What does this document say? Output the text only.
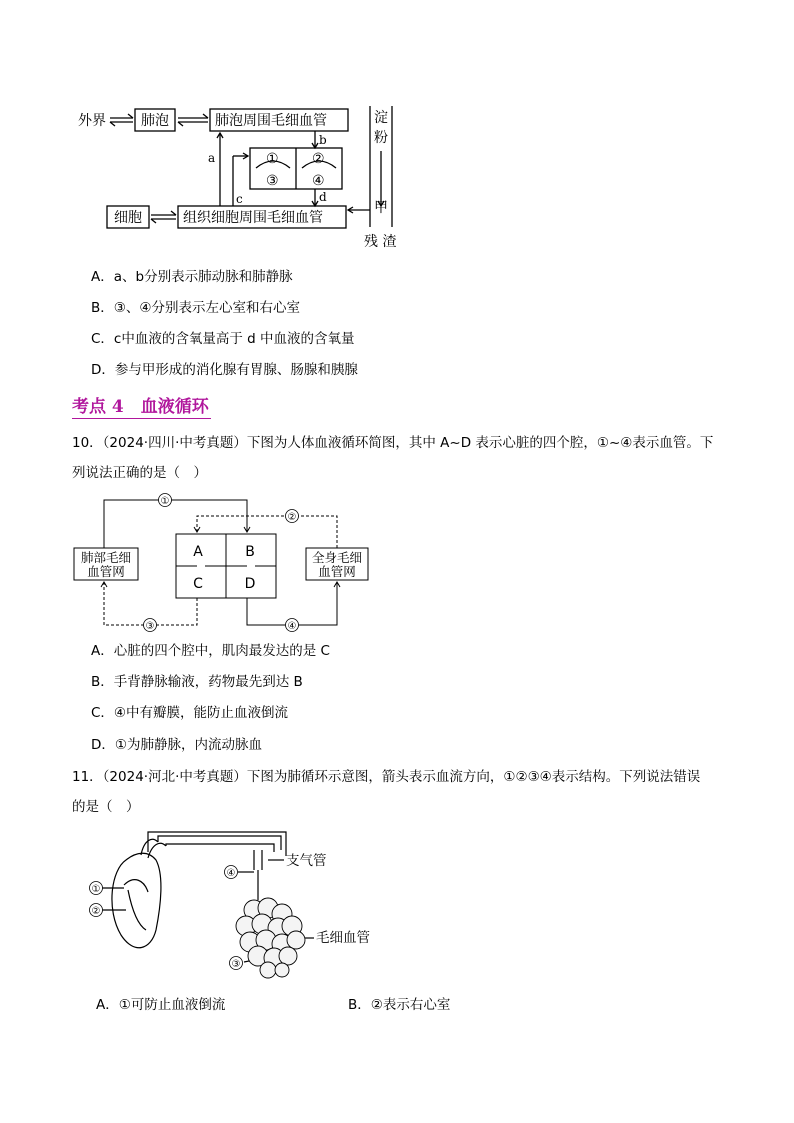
外界	肺泡	肺泡周围毛细血管
细胞	组织细胞周围毛细血管
淀
粉
甲
残 渣
① ②
③ ④
a
b
c	d
A．a、b分别表示肺动脉和肺静脉
B．③、④分别表示左心室和右心室
C．c中血液的含氧量高于 d 中血液的含氧量
D．参与甲形成的消化腺有胃腺、肠腺和胰腺
考点 4　血液循环
10．（2024·四川·中考真题）下图为人体血液循环简图，其中 A~D 表示心脏的四个腔，①~④表示血管。下
列说法正确的是（　）
肺部毛细
血管网
全身毛细
血管网
A	B
C	D
①
②
③	④
A．心脏的四个腔中，肌肉最发达的是 C
B．手背静脉输液，药物最先到达 B
C．④中有瓣膜，能防止血液倒流
D．①为肺静脉，内流动脉血
11．（2024·河北·中考真题）下图为肺循环示意图，箭头表示血流方向，①②③④表示结构。下列说法错误
的是（　）
①
②
④
③
支气管
毛细血管
A．①可防止血液倒流	B．②表示右心室
